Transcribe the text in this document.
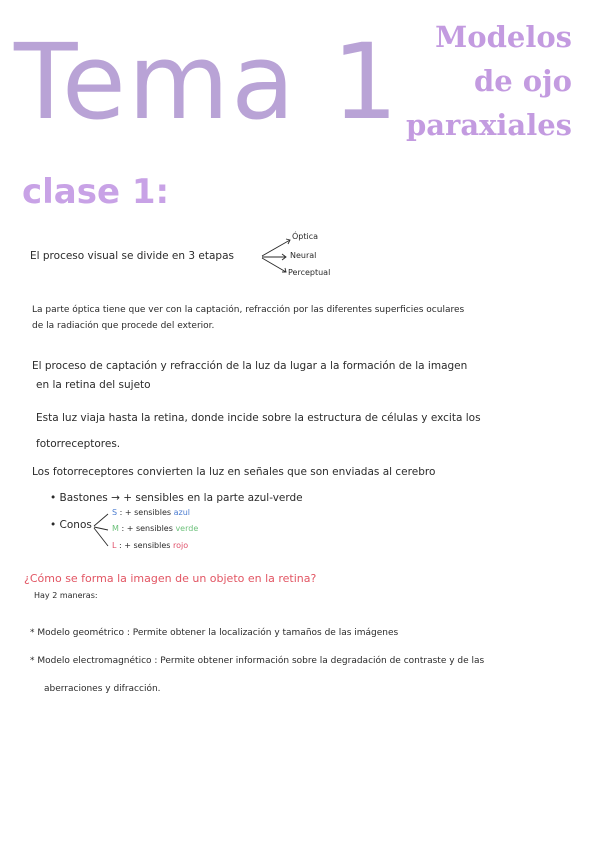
Tema 1 Modelos
de ojo
paraxiales
clase 1:
El proceso visual se divide en 3 etapas
Óptica
Neural
Perceptual
La parte óptica tiene que ver con la captación, refracción por las diferentes superficies oculares
de la radiación que procede del exterior.
El proceso de captación y refracción de la luz da lugar a la formación de la imagen
en la retina del sujeto
Esta luz viaja hasta la retina, donde incide sobre la estructura de células y excita los
fotorreceptores.
Los fotorreceptores convierten la luz en señales que son enviadas al cerebro
• Bastones → + sensibles en la parte azul-verde
• Conos
S : + sensibles azul
M : + sensibles verde
L : + sensibles rojo
¿Cómo se forma la imagen de un objeto en la retina?
Hay 2 maneras:
* Modelo geométrico : Permite obtener la localización y tamaños de las imágenes
* Modelo electromagnético : Permite obtener información sobre la degradación de contraste y de las
aberraciones y difracción.
